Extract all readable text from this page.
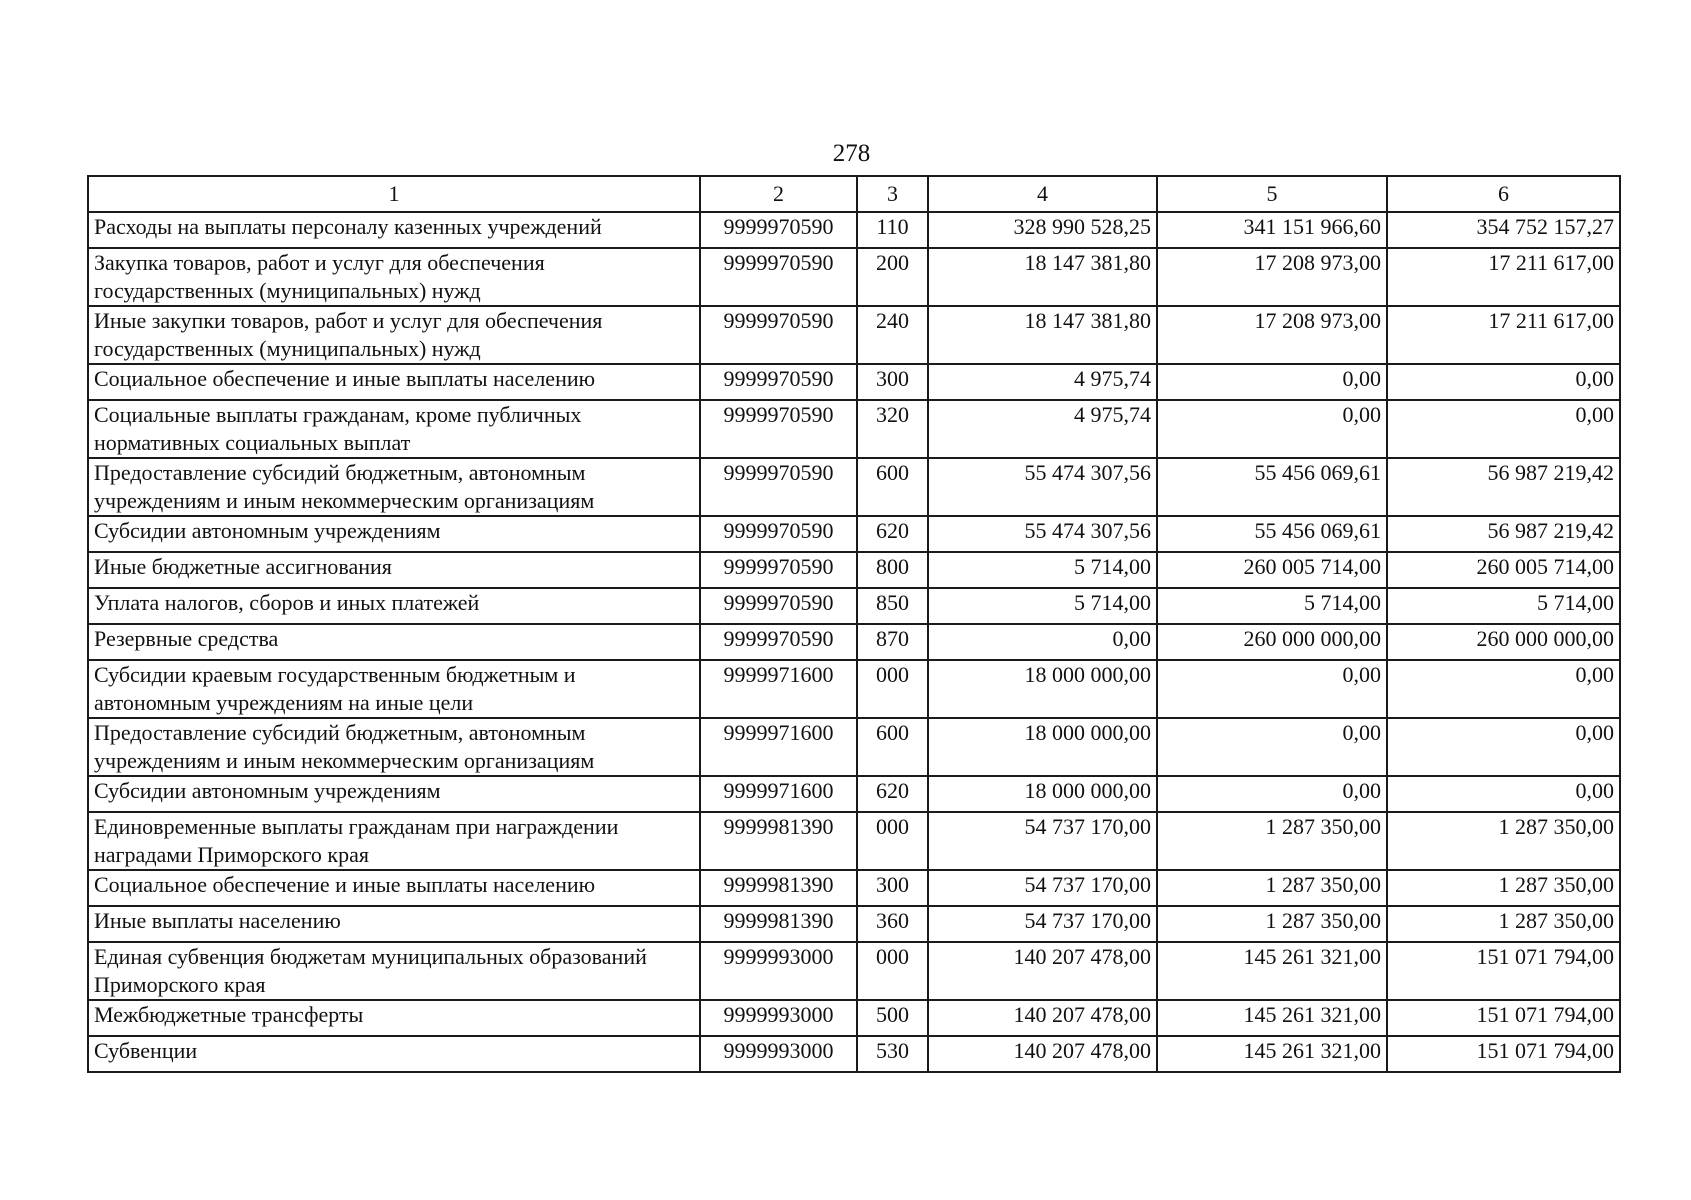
278
1	2	3	4	5	6
Расходы на выплаты персоналу казенных учреждений	9999970590	110	328 990 528,25	341 151 966,60	354 752 157,27
Закупка товаров, работ и услуг для обеспечения государственных (муниципальных) нужд	9999970590	200	18 147 381,80	17 208 973,00	17 211 617,00
Иные закупки товаров, работ и услуг для обеспечения государственных (муниципальных) нужд	9999970590	240	18 147 381,80	17 208 973,00	17 211 617,00
Социальное обеспечение и иные выплаты населению	9999970590	300	4 975,74	0,00	0,00
Социальные выплаты гражданам, кроме публичных нормативных социальных выплат	9999970590	320	4 975,74	0,00	0,00
Предоставление субсидий бюджетным, автономным учреждениям и иным некоммерческим организациям	9999970590	600	55 474 307,56	55 456 069,61	56 987 219,42
Субсидии автономным учреждениям	9999970590	620	55 474 307,56	55 456 069,61	56 987 219,42
Иные бюджетные ассигнования	9999970590	800	5 714,00	260 005 714,00	260 005 714,00
Уплата налогов, сборов и иных платежей	9999970590	850	5 714,00	5 714,00	5 714,00
Резервные средства	9999970590	870	0,00	260 000 000,00	260 000 000,00
Субсидии краевым государственным бюджетным и автономным учреждениям на иные цели	9999971600	000	18 000 000,00	0,00	0,00
Предоставление субсидий бюджетным, автономным учреждениям и иным некоммерческим организациям	9999971600	600	18 000 000,00	0,00	0,00
Субсидии автономным учреждениям	9999971600	620	18 000 000,00	0,00	0,00
Единовременные выплаты гражданам при награждении наградами Приморского края	9999981390	000	54 737 170,00	1 287 350,00	1 287 350,00
Социальное обеспечение и иные выплаты населению	9999981390	300	54 737 170,00	1 287 350,00	1 287 350,00
Иные выплаты населению	9999981390	360	54 737 170,00	1 287 350,00	1 287 350,00
Единая субвенция бюджетам муниципальных образований Приморского края	9999993000	000	140 207 478,00	145 261 321,00	151 071 794,00
Межбюджетные трансферты	9999993000	500	140 207 478,00	145 261 321,00	151 071 794,00
Субвенции	9999993000	530	140 207 478,00	145 261 321,00	151 071 794,00
